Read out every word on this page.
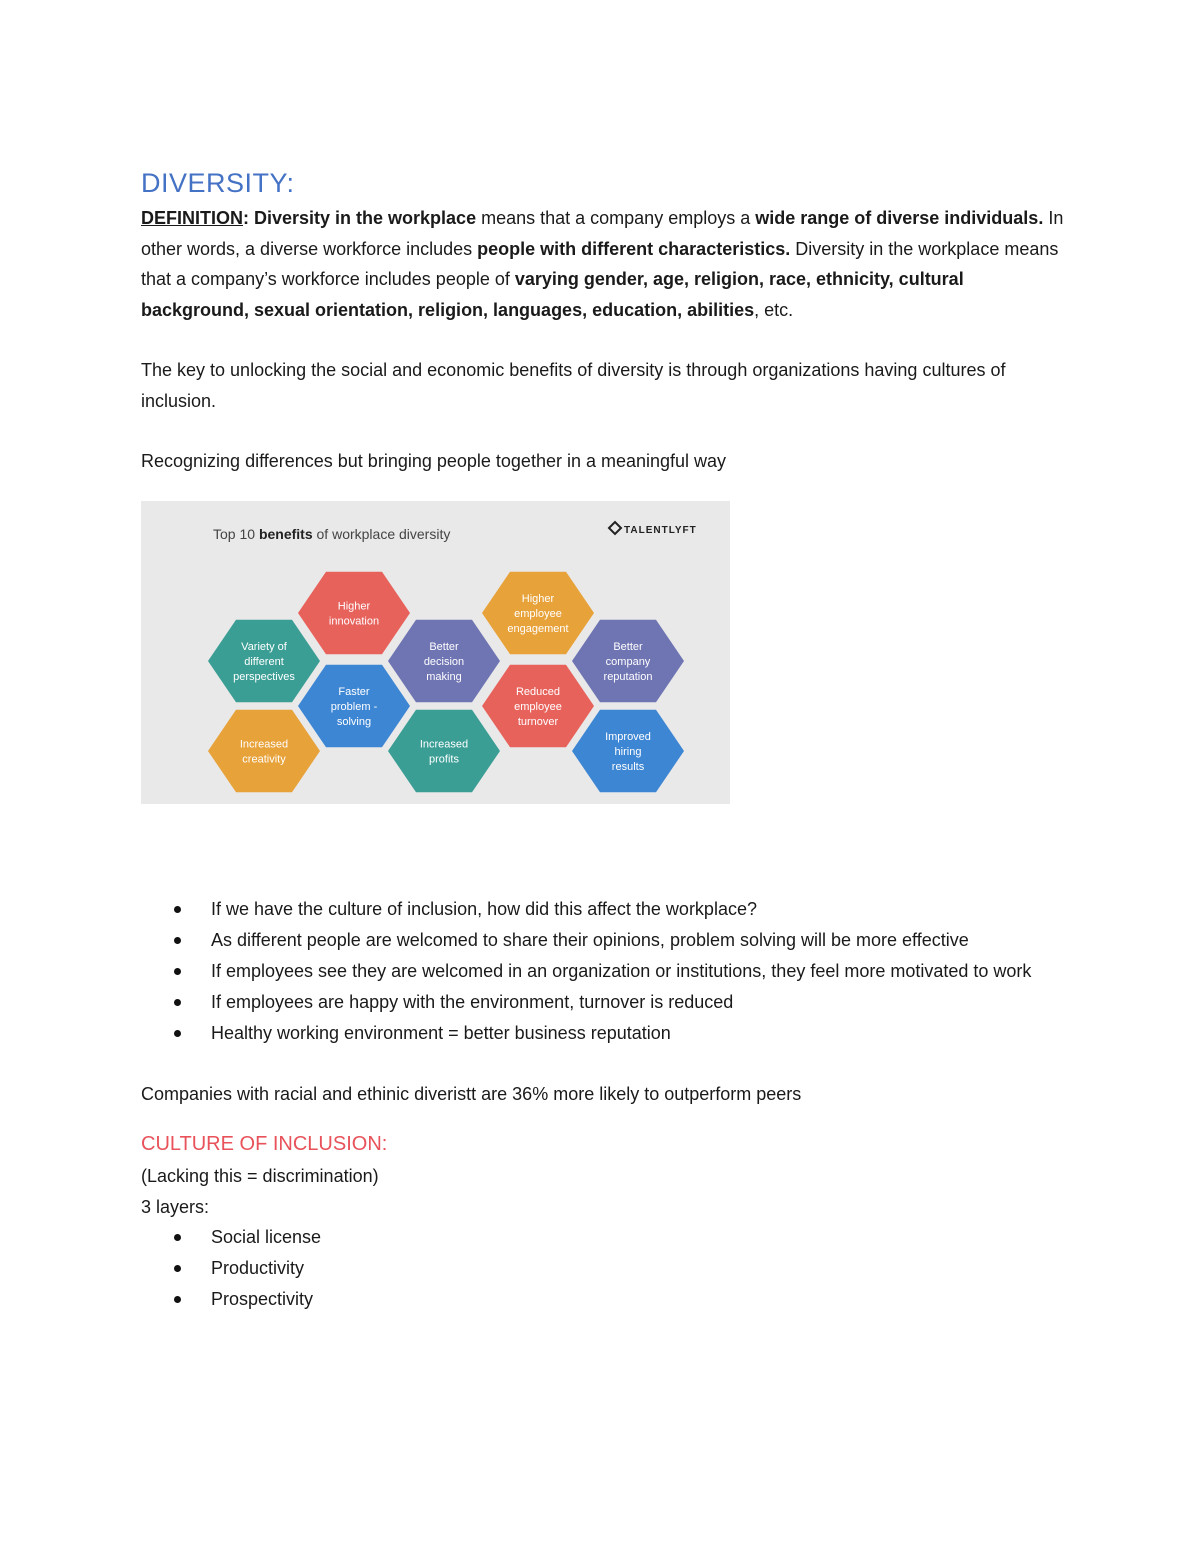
DIVERSITY:

DEFINITION: Diversity in the workplace means that a company employs a wide range of diverse individuals. In other words, a diverse workforce includes people with different characteristics. Diversity in the workplace means that a company’s workforce includes people of varying gender, age, religion, race, ethnicity, cultural background, sexual orientation, religion, languages, education, abilities, etc.

The key to unlocking the social and economic benefits of diversity is through organizations having cultures of inclusion.

Recognizing differences but bringing people together in a meaningful way

Top 10 benefits of workplace diversity	TALENTLYFT
Variety of
different
perspectives
Increased
creativity
Higher
innovation
Faster
problem -
solving
Better
decision
making
Increased
profits
Higher
employee
engagement
Reduced
employee
turnover
Better
company
reputation
Improved
hiring
results
If we have the culture of inclusion, how did this affect the workplace?
As different people are welcomed to share their opinions, problem solving will be more effective
If employees see they are welcomed in an organization or institutions, they feel more motivated to work
If employees are happy with the environment, turnover is reduced
Healthy working environment = better business reputation

Companies with racial and ethinic diveristt are 36% more likely to outperform peers

CULTURE OF INCLUSION:

(Lacking this = discrimination)

3 layers:

Social license
Productivity
Prospectivity
